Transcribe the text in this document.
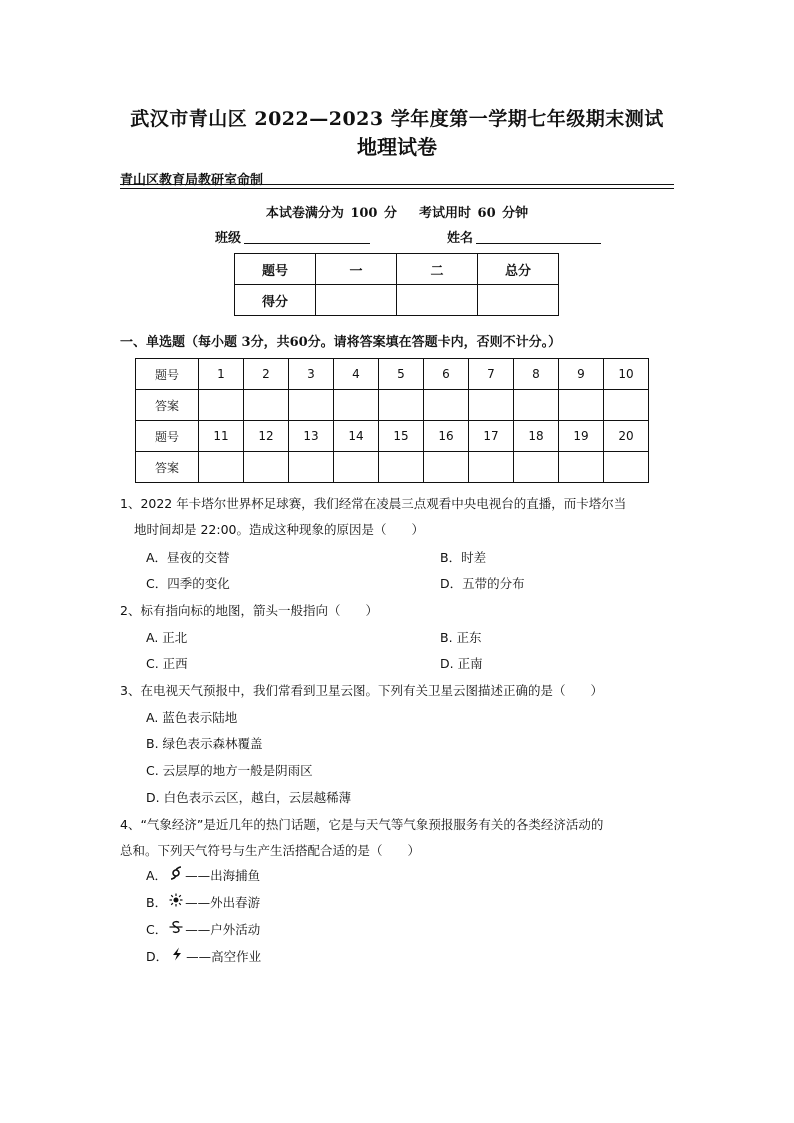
武汉市青山区 2022—2023 学年度第一学期七年级期末测试
地理试卷
青山区教育局教研室命制
本试卷满分为 100 分 考试用时 60 分钟
班级	姓名
题号	一	二	总分
得分			
一、单选题（每小题 3分，共60分。请将答案填在答题卡内，否则不计分。）
题号	1	2	3	4	5	6	7	8	9	10
答案										
题号	11	12	13	14	15	16	17	18	19	20
答案										
1、2022 年卡塔尔世界杯足球赛，我们经常在凌晨三点观看中央电视台的直播，而卡塔尔当
地时间却是 22:00。造成这种现象的原因是（　　）
A．昼夜的交替	B．时差
C．四季的变化	D．五带的分布
2、标有指向标的地图，箭头一般指向（　　）
A. 正北	B. 正东
C. 正西	D. 正南
3、在电视天气预报中，我们常看到卫星云图。下列有关卫星云图描述正确的是（　　）
A. 蓝色表示陆地
B. 绿色表示森林覆盖
C. 云层厚的地方一般是阴雨区
D. 白色表示云区，越白，云层越稀薄
4、“气象经济”是近几年的热门话题，它是与天气等气象预报服务有关的各类经济活动的
总和。下列天气符号与生产生活搭配合适的是（　　）
A． ——出海捕鱼
B． ——外出春游
C． ——户外活动
D． ——高空作业
